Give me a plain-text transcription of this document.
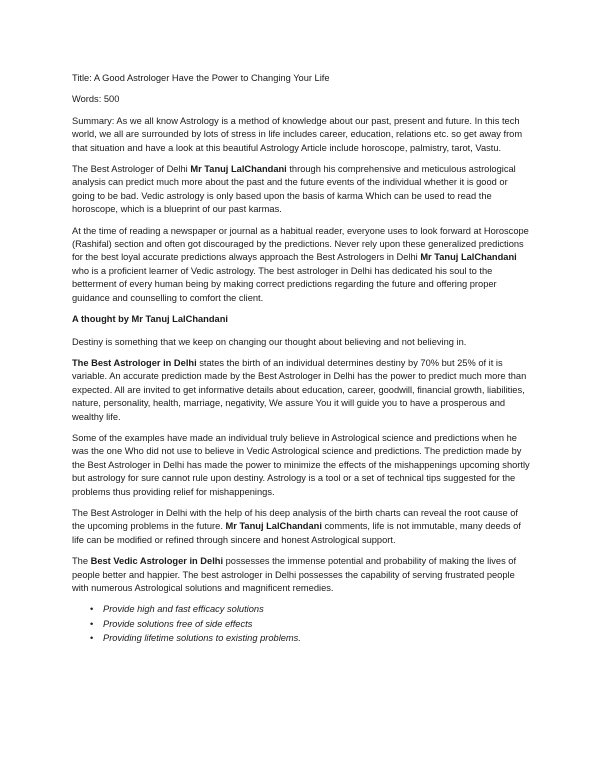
Title: A Good Astrologer Have the Power to Changing Your Life

Words: 500

Summary: As we all know Astrology is a method of knowledge about our past, present and future. In this tech world, we all are surrounded by lots of stress in life includes career, education, relations etc. so get away from that situation and have a look at this beautiful Astrology Article include horoscope, palmistry, tarot, Vastu.

The Best Astrologer of Delhi Mr Tanuj LalChandani through his comprehensive and meticulous astrological analysis can predict much more about the past and the future events of the individual whether it is good or going to be bad. Vedic astrology is only based upon the basis of karma Which can be used to read the horoscope, which is a blueprint of our past karmas.

At the time of reading a newspaper or journal as a habitual reader, everyone uses to look forward at Horoscope (Rashifal) section and often got discouraged by the predictions. Never rely upon these generalized predictions for the best loyal accurate predictions always approach the Best Astrologers in Delhi Mr Tanuj LalChandani who is a proficient learner of Vedic astrology. The best astrologer in Delhi has dedicated his soul to the betterment of every human being by making correct predictions regarding the future and offering proper guidance and counselling to comfort the client.

A thought by Mr Tanuj LalChandani

Destiny is something that we keep on changing our thought about believing and not believing in.

The Best Astrologer in Delhi states the birth of an individual determines destiny by 70% but 25% of it is variable. An accurate prediction made by the Best Astrologer in Delhi has the power to predict much more than expected. All are invited to get informative details about education, career, goodwill, financial growth, liabilities, nature, personality, health, marriage, negativity, We assure You it will guide you to have a prosperous and wealthy life.

Some of the examples have made an individual truly believe in Astrological science and predictions when he was the one Who did not use to believe in Vedic Astrological science and predictions. The prediction made by the Best Astrologer in Delhi has made the power to minimize the effects of the mishappenings upcoming shortly but astrology for sure cannot rule upon destiny. Astrology is a tool or a set of technical tips suggested for the problems thus providing relief for mishappenings.

The Best Astrologer in Delhi with the help of his deep analysis of the birth charts can reveal the root cause of the upcoming problems in the future. Mr Tanuj LalChandani comments, life is not immutable, many deeds of life can be modified or refined through sincere and honest Astrological support.

The Best Vedic Astrologer in Delhi possesses the immense potential and probability of making the lives of people better and happier. The best astrologer in Delhi possesses the capability of serving frustrated people with numerous Astrological solutions and magnificent remedies.

• Provide high and fast efficacy solutions
• Provide solutions free of side effects
• Providing lifetime solutions to existing problems.
